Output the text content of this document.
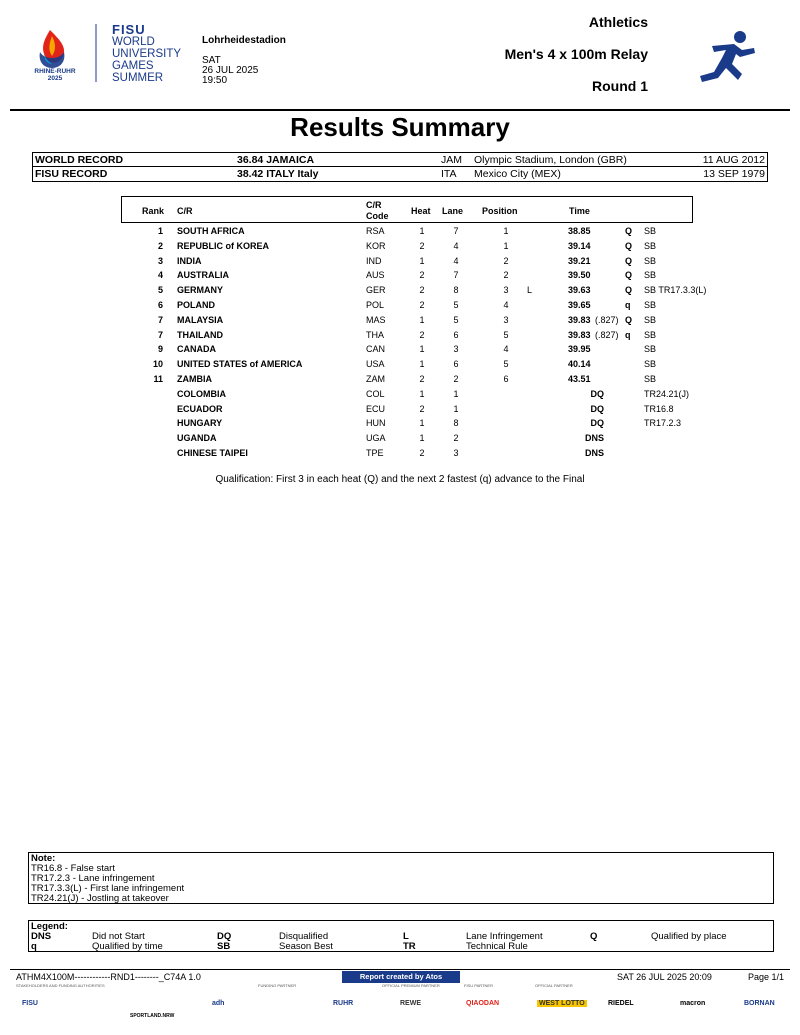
FISU
WORLD
UNIVERSITY
GAMES
SUMMER
RHINE-RUHR
2025
Lohrheidestadion
SAT
26 JUL 2025
19:50
Athletics
Men's 4 x 100m Relay
Round 1
Results Summary
WORLD RECORD	36.84 JAMAICA	JAM Olympic Stadium, London (GBR)	11 AUG 2012
FISU RECORD	38.42 ITALY Italy	ITA Mexico City (MEX)	13 SEP 1979
Rank C/R
C/R
Code	Heat Lane Position	Time
1 SOUTH AFRICA	RSA	1	7	1	38.85	Q SB
2 REPUBLIC of KOREA	KOR	2	4	1	39.14	Q SB
3 INDIA	IND	1	4	2	39.21	Q SB
4 AUSTRALIA	AUS	2	7	2	39.50	Q SB
5 GERMANY	GER	2	8	3	L	39.63	Q SB TR17.3.3(L)
6 POLAND	POL	2	5	4	39.65	q SB
7 MALAYSIA	MAS	1	5	3	39.83 (.827) Q SB
7 THAILAND	THA	2	6	5	39.83 (.827) q SB
9 CANADA	CAN	1	3	4	39.95	SB
10 UNITED STATES of AMERICA	USA	1	6	5	40.14	SB
11 ZAMBIA	ZAM	2	2	6	43.51	SB
COLOMBIA	COL	1	1	DQ	TR24.21(J)
ECUADOR	ECU	2	1	DQ	TR16.8
HUNGARY	HUN	1	8	DQ	TR17.2.3
UGANDA	UGA	1	2	DNS
CHINESE TAIPEI	TPE	2	3	DNS
Qualification: First 3 in each heat (Q) and the next 2 fastest (q) advance to the Final
Note:
TR16.8 - False start
TR17.2.3 - Lane infringement
TR17.3.3(L) - First lane infringement
TR24.21(J) - Jostling at takeover
Legend:
DNS	Did not Start	DQ	Disqualified	L	Lane Infringement	Q	Qualified by place
q	Qualified by time	SB	Season Best	TR	Technical Rule
ATHM4X100M------------RND1--------_C74A 1.0
STAKEHOLDERS AND FUNDING AUTHORITIES	FUNDING PARTNER
Report created by Atos
OFFICIAL PREMIUM PARTNER	FISU PARTNER	OFFICIAL PARTNER
SAT 26 JUL 2025 20:09	Page 1/1
FISU
SPORTLAND.NRW
adh	RUHR	REWE	QIAODAN	WEST LOTTO	RIEDEL	macron	BORNAN
